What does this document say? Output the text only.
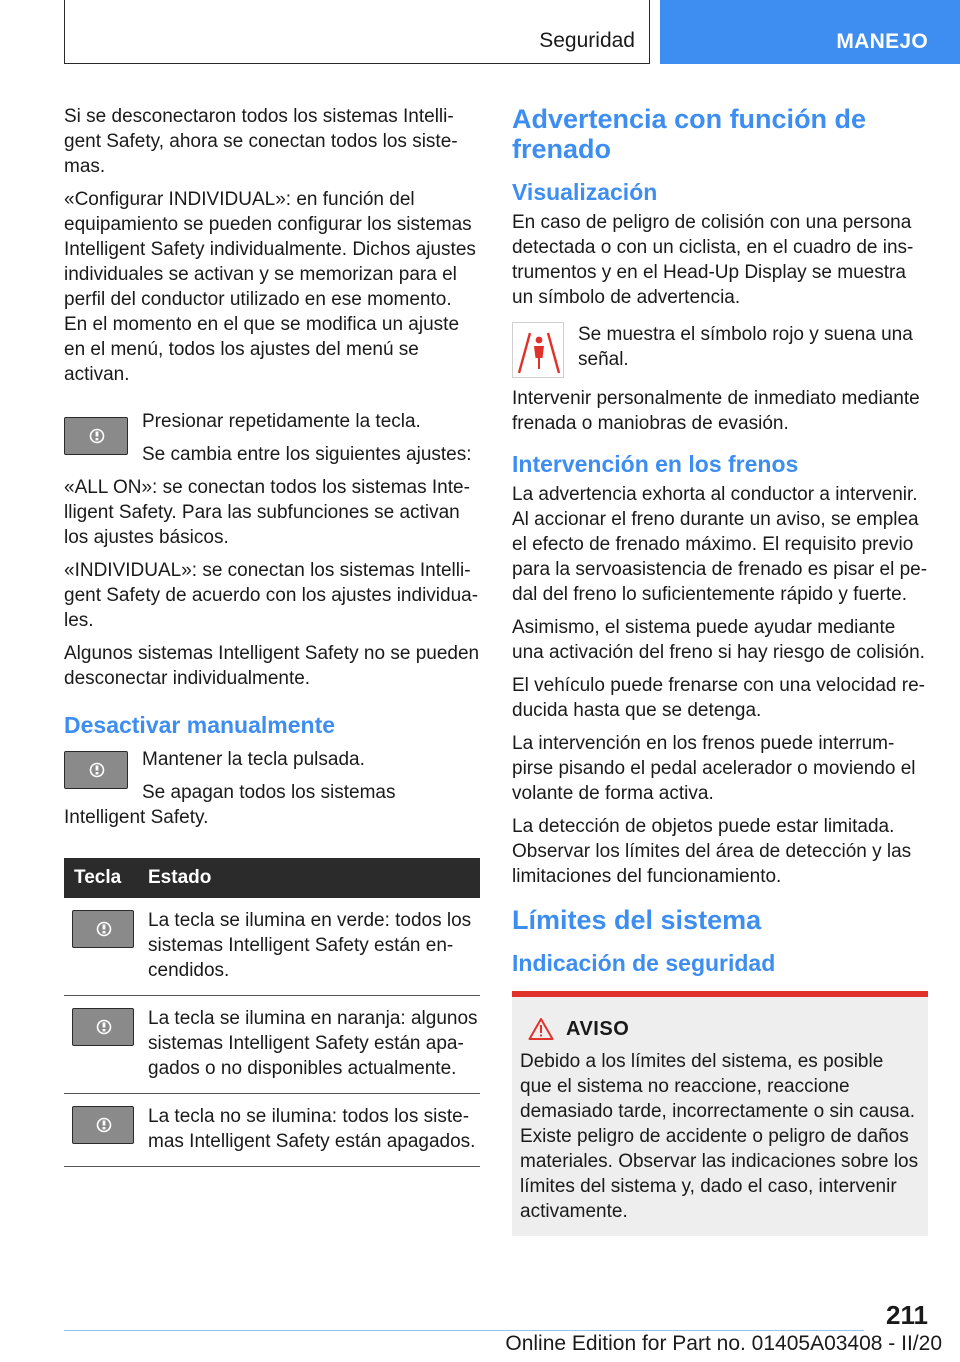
Seguridad	MANEJO

Si se desconectaron todos los sistemas Intelligent Safety, ahora se conectan todos los sistemas.

«Configurar INDIVIDUAL»: en función del equipamiento se pueden configurar los sistemas Intelligent Safety individualmente. Dichos ajustes individuales se activan y se memorizan para el perfil del conductor utilizado en ese momento. En el momento en el que se modifica un ajuste en el menú, todos los ajustes del menú se activan.

Presionar repetidamente la tecla.

Se cambia entre los siguientes ajustes:

«ALL ON»: se conectan todos los sistemas Intelligent Safety. Para las subfunciones se activan los ajustes básicos.

«INDIVIDUAL»: se conectan los sistemas Intelligent Safety de acuerdo con los ajustes individuales.

Algunos sistemas Intelligent Safety no se pueden desconectar individualmente.

Desactivar manualmente

Mantener la tecla pulsada.

Se apagan todos los sistemas Intelligent Safety.

Tecla	Estado
La tecla se ilumina en verde: todos los sistemas Intelligent Safety están encendidos.
La tecla se ilumina en naranja: algunos sistemas Intelligent Safety están apagados o no disponibles actualmente.
La tecla no se ilumina: todos los sistemas Intelligent Safety están apagados.
Advertencia con función de frenado
Visualización

En caso de peligro de colisión con una persona detectada o con un ciclista, en el cuadro de instrumentos y en el Head-Up Display se muestra un símbolo de advertencia.

Se muestra el símbolo rojo y suena una señal.

Intervenir personalmente de inmediato mediante frenada o maniobras de evasión.

Intervención en los frenos

La advertencia exhorta al conductor a intervenir. Al accionar el freno durante un aviso, se emplea el efecto de frenado máximo. El requisito previo para la servoasistencia de frenado es pisar el pedal del freno lo suficientemente rápido y fuerte.

Asimismo, el sistema puede ayudar mediante una activación del freno si hay riesgo de colisión.

El vehículo puede frenarse con una velocidad reducida hasta que se detenga.

La intervención en los frenos puede interrumpirse pisando el pedal acelerador o moviendo el volante de forma activa.

La detección de objetos puede estar limitada. Observar los límites del área de detección y las limitaciones del funcionamiento.

Límites del sistema
Indicación de seguridad
AVISO

Debido a los límites del sistema, es posible que el sistema no reaccione, reaccione demasiado tarde, incorrectamente o sin causa. Existe peligro de accidente o peligro de daños materiales. Observar las indicaciones sobre los límites del sistema y, dado el caso, intervenir activamente.

211
Online Edition for Part no. 01405A03408 - II/20
